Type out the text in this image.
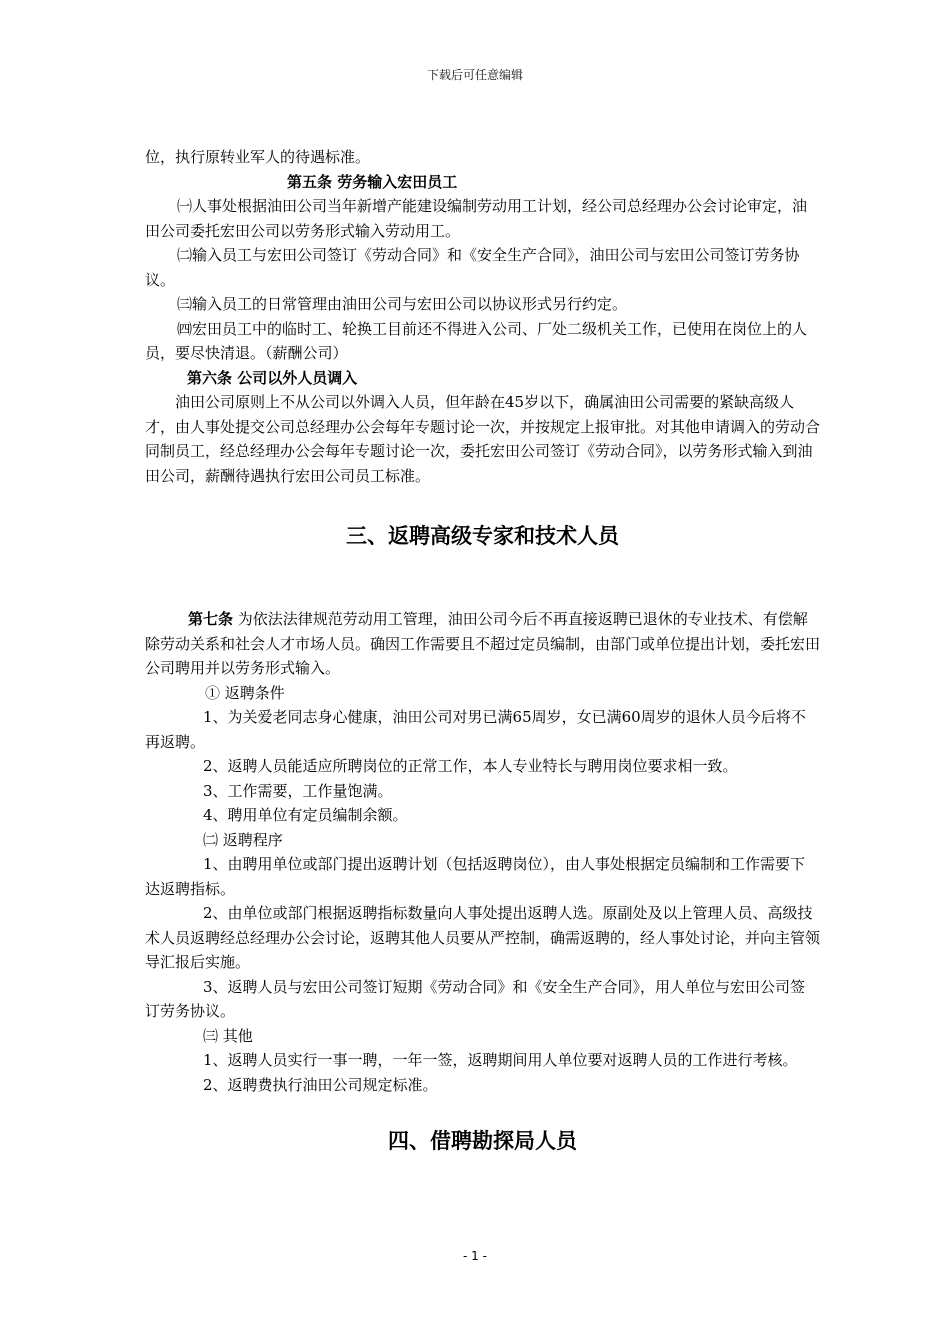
下载后可任意编辑

位，执行原转业军人的待遇标准。

第五条 劳务输入宏田员工

㈠人事处根据油田公司当年新增产能建设编制劳动用工计划，经公司总经理办公会讨论审定，油田公司委托宏田公司以劳务形式输入劳动用工。

㈡输入员工与宏田公司签订《劳动合同》和《安全生产合同》，油田公司与宏田公司签订劳务协议。

㈢输入员工的日常管理由油田公司与宏田公司以协议形式另行约定。

㈣宏田员工中的临时工、轮换工目前还不得进入公司、厂处二级机关工作，已使用在岗位上的人员，要尽快清退。（薪酬公司）

第六条 公司以外人员调入

油田公司原则上不从公司以外调入人员，但年龄在45岁以下，确属油田公司需要的紧缺高级人才，由人事处提交公司总经理办公会每年专题讨论一次，并按规定上报审批。对其他申请调入的劳动合同制员工，经总经理办公会每年专题讨论一次，委托宏田公司签订《劳动合同》，以劳务形式输入到油田公司，薪酬待遇执行宏田公司员工标准。

三、返聘高级专家和技术人员

第七条 为依法法律规范劳动用工管理，油田公司今后不再直接返聘已退休的专业技术、有偿解除劳动关系和社会人才市场人员。确因工作需要且不超过定员编制，由部门或单位提出计划，委托宏田公司聘用并以劳务形式输入。

① 返聘条件

1、为关爱老同志身心健康，油田公司对男已满65周岁，女已满60周岁的退休人员今后将不再返聘。

2、返聘人员能适应所聘岗位的正常工作，本人专业特长与聘用岗位要求相一致。

3、工作需要，工作量饱满。

4、聘用单位有定员编制余额。

㈡ 返聘程序

1、由聘用单位或部门提出返聘计划（包括返聘岗位），由人事处根据定员编制和工作需要下达返聘指标。

2、由单位或部门根据返聘指标数量向人事处提出返聘人选。原副处及以上管理人员、高级技术人员返聘经总经理办公会讨论，返聘其他人员要从严控制，确需返聘的，经人事处讨论，并向主管领导汇报后实施。

3、返聘人员与宏田公司签订短期《劳动合同》和《安全生产合同》，用人单位与宏田公司签订劳务协议。

㈢ 其他

1、返聘人员实行一事一聘，一年一签，返聘期间用人单位要对返聘人员的工作进行考核。

2、返聘费执行油田公司规定标准。

四、借聘勘探局人员

- 1 -
